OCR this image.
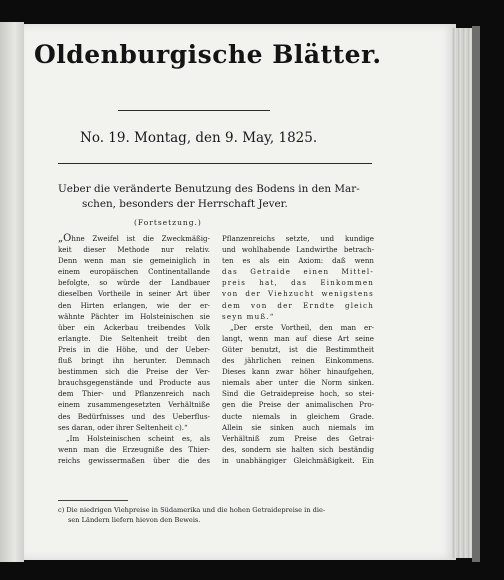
Oldenburgische Blätter.
No. 19. Montag, den 9. May, 1825.
Ueber die veränderte Benutzung des Bodens in den Mar-
schen, besonders der Herrschaft Jever.
(Fortsetzung.)
„Ohne Zweifel ist die Zweckmäßig-
keit dieser Methode nur relativ.
Denn wenn man sie gemeiniglich in
einem europäischen Continentallande
befolgte, so würde der Landbauer
dieselben Vortheile in seiner Art über
den Hirten erlangen, wie der er-
wähnte Pächter im Holsteinischen sie
über ein Ackerbau treibendes Volk
erlangte. Die Seltenheit treibt den
Preis in die Höhe, und der Ueber-
fluß bringt ihn herunter. Demnach
bestimmen sich die Preise der Ver-
brauchsgegenstände und Producte aus
dem Thier- und Pflanzenreich nach
einem zusammengesetzten Verhältniße
des Bedürfnisses und des Ueberflus-
ses daran, oder ihrer Seltenheit c).“
„Im Holsteinischen scheint es, als
wenn man die Erzeugniße des Thier-
reichs gewissermaßen über die des
Pflanzenreichs setzte, und kundige
und wohlhabende Landwirthe betrach-
ten es als ein Axiom: daß wenn
das Getraide einen Mittel-
preis hat, das Einkommen
von der Viehzucht wenigstens
dem von der Erndte gleich
seyn muß.“
„Der erste Vortheil, den man er-
langt, wenn man auf diese Art seine
Güter benutzt, ist die Bestimmtheit
des jährlichen reinen Einkommens.
Dieses kann zwar höher hinaufgehen,
niemals aber unter die Norm sinken.
Sind die Getraidepreise hoch, so stei-
gen die Preise der animalischen Pro-
ducte niemals in gleichem Grade.
Allein sie sinken auch niemals im
Verhältniß zum Preise des Getrai-
des, sondern sie halten sich beständig
in unabhängiger Gleichmäßigkeit. Ein
c) Die niedrigen Viehpreise in Südamerika und die hohen Getraidepreise in die-
sen Ländern liefern hievon den Beweis.
